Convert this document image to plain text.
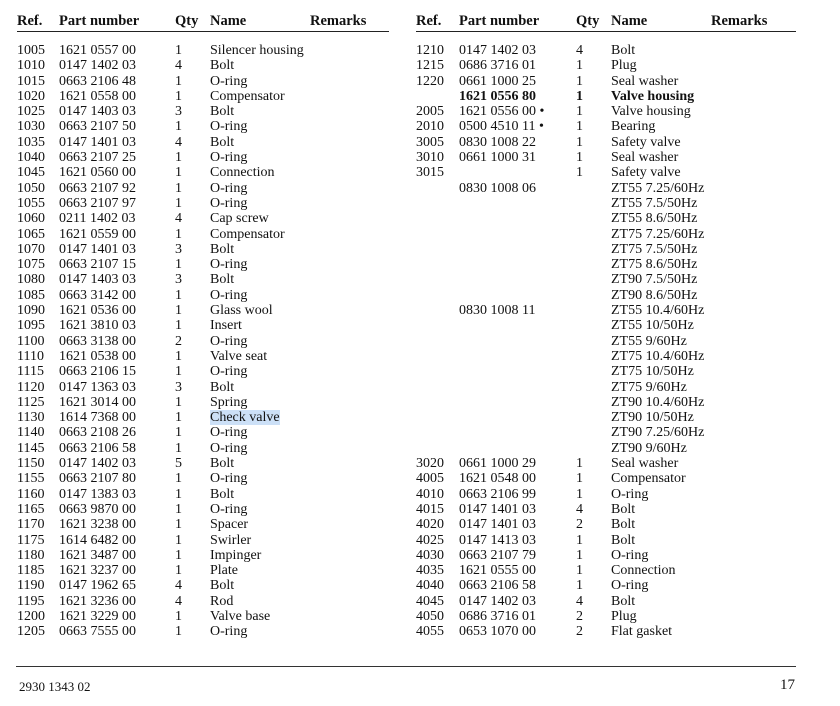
Ref.	Part number	Qty	Name	Remarks

1005	1621 0557 00	1	Silencer housing	
1010	0147 1402 03	4	Bolt	
1015	0663 2106 48	1	O-ring	
1020	1621 0558 00	1	Compensator	
1025	0147 1403 03	3	Bolt	
1030	0663 2107 50	1	O-ring	
1035	0147 1401 03	4	Bolt	
1040	0663 2107 25	1	O-ring	
1045	1621 0560 00	1	Connection	
1050	0663 2107 92	1	O-ring	
1055	0663 2107 97	1	O-ring	
1060	0211 1402 03	4	Cap screw	
1065	1621 0559 00	1	Compensator	
1070	0147 1401 03	3	Bolt	
1075	0663 2107 15	1	O-ring	
1080	0147 1403 03	3	Bolt	
1085	0663 3142 00	1	O-ring	
1090	1621 0536 00	1	Glass wool	
1095	1621 3810 03	1	Insert	
1100	0663 3138 00	2	O-ring	
1110	1621 0538 00	1	Valve seat	
1115	0663 2106 15	1	O-ring	
1120	0147 1363 03	3	Bolt	
1125	1621 3014 00	1	Spring	
1130	1614 7368 00	1	Check valve	
1140	0663 2108 26	1	O-ring	
1145	0663 2106 58	1	O-ring	
1150	0147 1402 03	5	Bolt	
1155	0663 2107 80	1	O-ring	
1160	0147 1383 03	1	Bolt	
1165	0663 9870 00	1	O-ring	
1170	1621 3238 00	1	Spacer	
1175	1614 6482 00	1	Swirler	
1180	1621 3487 00	1	Impinger	
1185	1621 3237 00	1	Plate	
1190	0147 1962 65	4	Bolt	
1195	1621 3236 00	4	Rod	
1200	1621 3229 00	1	Valve base	
1205	0663 7555 00	1	O-ring	
Ref.	Part number	Qty	Name	Remarks

1210	0147 1402 03	4	Bolt	
1215	0686 3716 01	1	Plug	
1220	0661 1000 25	1	Seal washer	
	1621 0556 80	1	Valve housing	
2005	1621 0556 00 •	1	Valve housing	
2010	0500 4510 11 •	1	Bearing	
3005	0830 1008 22	1	Safety valve	
3010	0661 1000 31	1	Seal washer	
3015		1	Safety valve	
	0830 1008 06		ZT55 7.25/60Hz	
			ZT55 7.5/50Hz	
			ZT55 8.6/50Hz	
			ZT75 7.25/60Hz	
			ZT75 7.5/50Hz	
			ZT75 8.6/50Hz	
			ZT90 7.5/50Hz	
			ZT90 8.6/50Hz	
	0830 1008 11		ZT55 10.4/60Hz	
			ZT55 10/50Hz	
			ZT55 9/60Hz	
			ZT75 10.4/60Hz	
			ZT75 10/50Hz	
			ZT75 9/60Hz	
			ZT90 10.4/60Hz	
			ZT90 10/50Hz	
			ZT90 7.25/60Hz	
			ZT90 9/60Hz	
3020	0661 1000 29	1	Seal washer	
4005	1621 0548 00	1	Compensator	
4010	0663 2106 99	1	O-ring	
4015	0147 1401 03	4	Bolt	
4020	0147 1401 03	2	Bolt	
4025	0147 1413 03	1	Bolt	
4030	0663 2107 79	1	O-ring	
4035	1621 0555 00	1	Connection	
4040	0663 2106 58	1	O-ring	
4045	0147 1402 03	4	Bolt	
4050	0686 3716 01	2	Plug	
4055	0653 1070 00	2	Flat gasket	
2930 1343 02	17
